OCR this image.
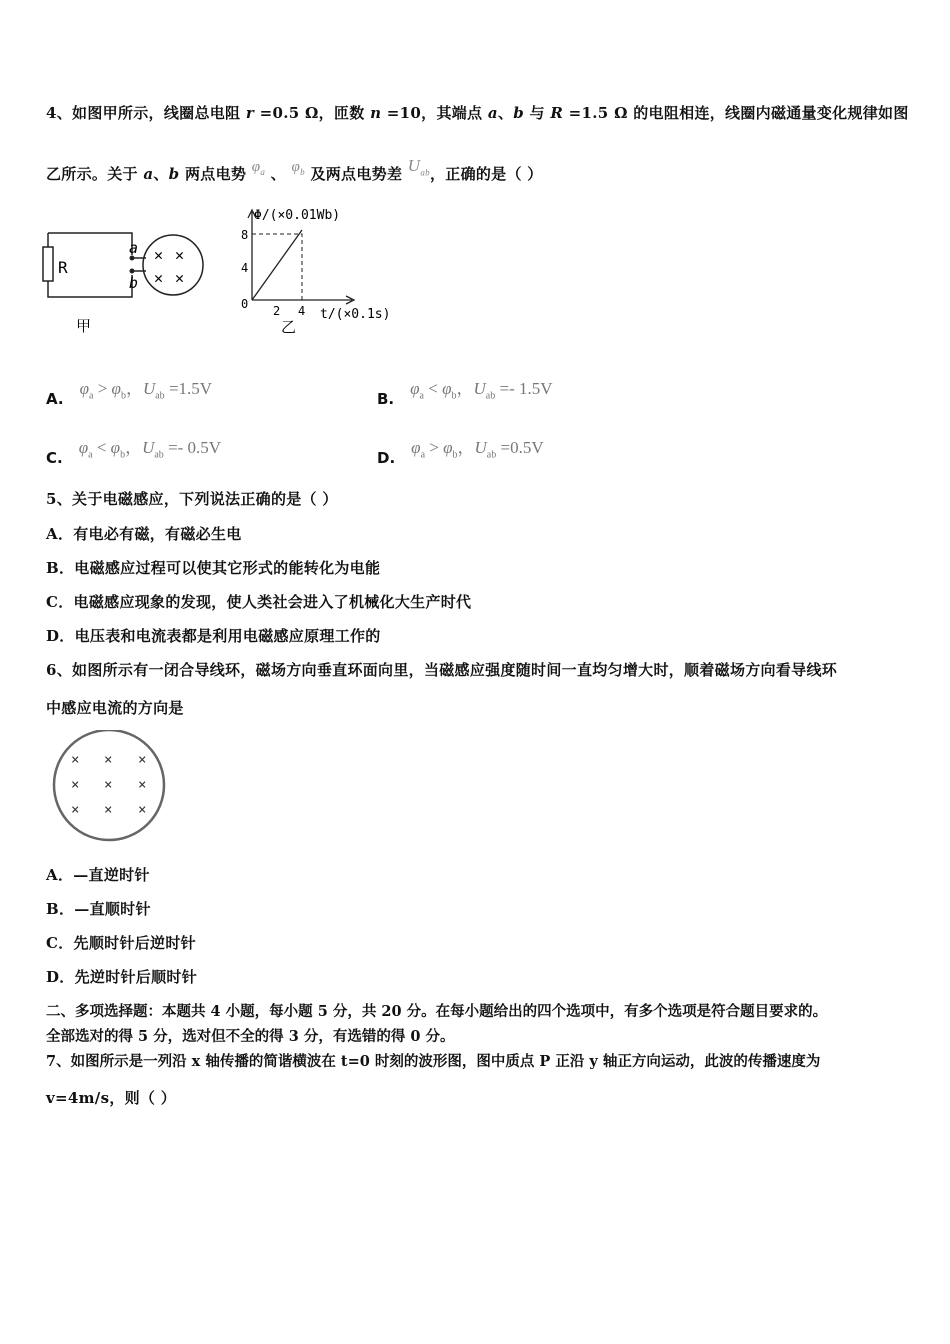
4、如图甲所示，线圈总电阻 r =0.5 Ω，匝数 n =10，其端点 a、b 与 R =1.5 Ω 的电阻相连，线圈内磁通量变化规律如图
乙所示。关于 a、b 两点电势 $\varphi_a$ 、 $\varphi_b$ 及两点电势差 $U_{ab}$，正确的是（ ）
R
a
b
✕ ✕
✕ ✕
甲
Φ/(×0.01Wb)
8
4
0 2 4 t/(×0.1s)
乙
$A.\varphi_a > \varphi_b$，$U_{ab} =1.5V$
$B.\varphi_a < \varphi_b$，$U_{ab} =- 1.5V$
$C.\varphi_a < \varphi_b$，$U_{ab} =- 0.5V$
$D.\varphi_a > \varphi_b$，$U_{ab} =0.5V$
5、关于电磁感应，下列说法正确的是（ ）
A．有电必有磁，有磁必生电
B．电磁感应过程可以使其它形式的能转化为电能
C．电磁感应现象的发现，使人类社会进入了机械化大生产时代
D．电压表和电流表都是利用电磁感应原理工作的
6、如图所示有一闭合导线环，磁场方向垂直环面向里，当磁感应强度随时间一直均匀增大时，顺着磁场方向看导线环
中感应电流的方向是
× × ×
× × ×
× × ×
A．—直逆时针
B．—直顺时针
C．先顺时针后逆时针
D．先逆时针后顺时针
二、多项选择题：本题共 4 小题，每小题 5 分，共 20 分。在每小题给出的四个选项中，有多个选项是符合题目要求的。
全部选对的得 5 分，选对但不全的得 3 分，有选错的得 0 分。
7、如图所示是一列沿 x 轴传播的简谐横波在 t=0 时刻的波形图，图中质点 P 正沿 y 轴正方向运动，此波的传播速度为
v=4m/s，则（ ）
